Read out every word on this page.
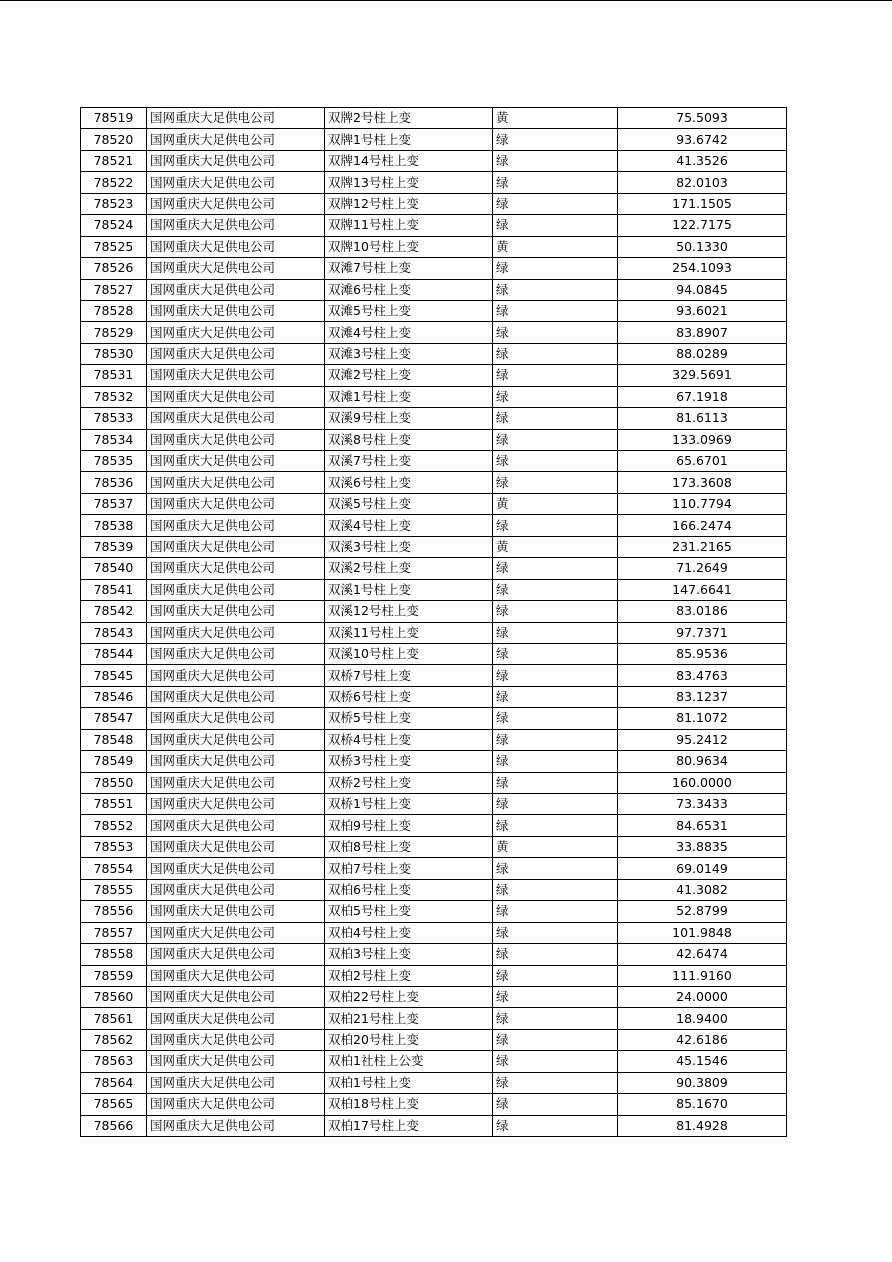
78519	国网重庆大足供电公司	双牌2号柱上变	黄	75.5093
78520	国网重庆大足供电公司	双牌1号柱上变	绿	93.6742
78521	国网重庆大足供电公司	双牌14号柱上变	绿	41.3526
78522	国网重庆大足供电公司	双牌13号柱上变	绿	82.0103
78523	国网重庆大足供电公司	双牌12号柱上变	绿	171.1505
78524	国网重庆大足供电公司	双牌11号柱上变	绿	122.7175
78525	国网重庆大足供电公司	双牌10号柱上变	黄	50.1330
78526	国网重庆大足供电公司	双滩7号柱上变	绿	254.1093
78527	国网重庆大足供电公司	双滩6号柱上变	绿	94.0845
78528	国网重庆大足供电公司	双滩5号柱上变	绿	93.6021
78529	国网重庆大足供电公司	双滩4号柱上变	绿	83.8907
78530	国网重庆大足供电公司	双滩3号柱上变	绿	88.0289
78531	国网重庆大足供电公司	双滩2号柱上变	绿	329.5691
78532	国网重庆大足供电公司	双滩1号柱上变	绿	67.1918
78533	国网重庆大足供电公司	双溪9号柱上变	绿	81.6113
78534	国网重庆大足供电公司	双溪8号柱上变	绿	133.0969
78535	国网重庆大足供电公司	双溪7号柱上变	绿	65.6701
78536	国网重庆大足供电公司	双溪6号柱上变	绿	173.3608
78537	国网重庆大足供电公司	双溪5号柱上变	黄	110.7794
78538	国网重庆大足供电公司	双溪4号柱上变	绿	166.2474
78539	国网重庆大足供电公司	双溪3号柱上变	黄	231.2165
78540	国网重庆大足供电公司	双溪2号柱上变	绿	71.2649
78541	国网重庆大足供电公司	双溪1号柱上变	绿	147.6641
78542	国网重庆大足供电公司	双溪12号柱上变	绿	83.0186
78543	国网重庆大足供电公司	双溪11号柱上变	绿	97.7371
78544	国网重庆大足供电公司	双溪10号柱上变	绿	85.9536
78545	国网重庆大足供电公司	双桥7号柱上变	绿	83.4763
78546	国网重庆大足供电公司	双桥6号柱上变	绿	83.1237
78547	国网重庆大足供电公司	双桥5号柱上变	绿	81.1072
78548	国网重庆大足供电公司	双桥4号柱上变	绿	95.2412
78549	国网重庆大足供电公司	双桥3号柱上变	绿	80.9634
78550	国网重庆大足供电公司	双桥2号柱上变	绿	160.0000
78551	国网重庆大足供电公司	双桥1号柱上变	绿	73.3433
78552	国网重庆大足供电公司	双柏9号柱上变	绿	84.6531
78553	国网重庆大足供电公司	双柏8号柱上变	黄	33.8835
78554	国网重庆大足供电公司	双柏7号柱上变	绿	69.0149
78555	国网重庆大足供电公司	双柏6号柱上变	绿	41.3082
78556	国网重庆大足供电公司	双柏5号柱上变	绿	52.8799
78557	国网重庆大足供电公司	双柏4号柱上变	绿	101.9848
78558	国网重庆大足供电公司	双柏3号柱上变	绿	42.6474
78559	国网重庆大足供电公司	双柏2号柱上变	绿	111.9160
78560	国网重庆大足供电公司	双柏22号柱上变	绿	24.0000
78561	国网重庆大足供电公司	双柏21号柱上变	绿	18.9400
78562	国网重庆大足供电公司	双柏20号柱上变	绿	42.6186
78563	国网重庆大足供电公司	双柏1社柱上公变	绿	45.1546
78564	国网重庆大足供电公司	双柏1号柱上变	绿	90.3809
78565	国网重庆大足供电公司	双柏18号柱上变	绿	85.1670
78566	国网重庆大足供电公司	双柏17号柱上变	绿	81.4928
